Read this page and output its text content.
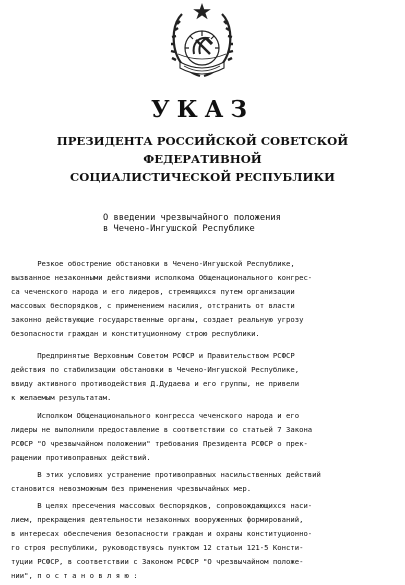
УКАЗ
ПРЕЗИДЕНТА РОССИЙСКОЙ СОВЕТСКОЙ ФЕДЕРАТИВНОЙ
СОЦИАЛИСТИЧЕСКОЙ РЕСПУБЛИКИ
О введении чрезвычайного положения
в Чечено-Ингушской Республике
Резкое обострение обстановки в Чечено-Ингушской Республике,
вызванное незаконными действиями исполкома Общенационального конгрес-
са чеченского народа и его лидеров, стремящихся путем организации
массовых беспорядков, с применением насилия, отстранить от власти
законно действующие государственные органы, создает реальную угрозу
безопасности граждан и конституционному строю республики.
Предпринятые Верховным Советом РСФСР и Правительством РСФСР
действия по стабилизации обстановки в Чечено-Ингушской Республике,
ввиду активного противодействия Д.Дудаева и его группы, не привели
к желаемым результатам.
Исполком Общенационального конгресса чеченского народа и его
лидеры не выполнили предоставление в соответствии со статьей 7 Закона
РСФСР "О чрезвычайном положении" требования Президента РСФСР о прек-
ращении противоправных действий.
В этих условиях устранение противоправных насильственных действий
становится невозможным без применения чрезвычайных мер.
В целях пресечения массовых беспорядков, сопровождающихся наси-
лием, прекращения деятельности незаконных вооруженных формирований,
в интересах обеспечения безопасности граждан и охраны конституционно-
го строя республики, руководствуясь пунктом 12 статьи 121-5 Консти-
туции РСФСР, в соответствии с Законом РСФСР "О чрезвычайном положе-
нии", п о с т а н о в л я ю :
